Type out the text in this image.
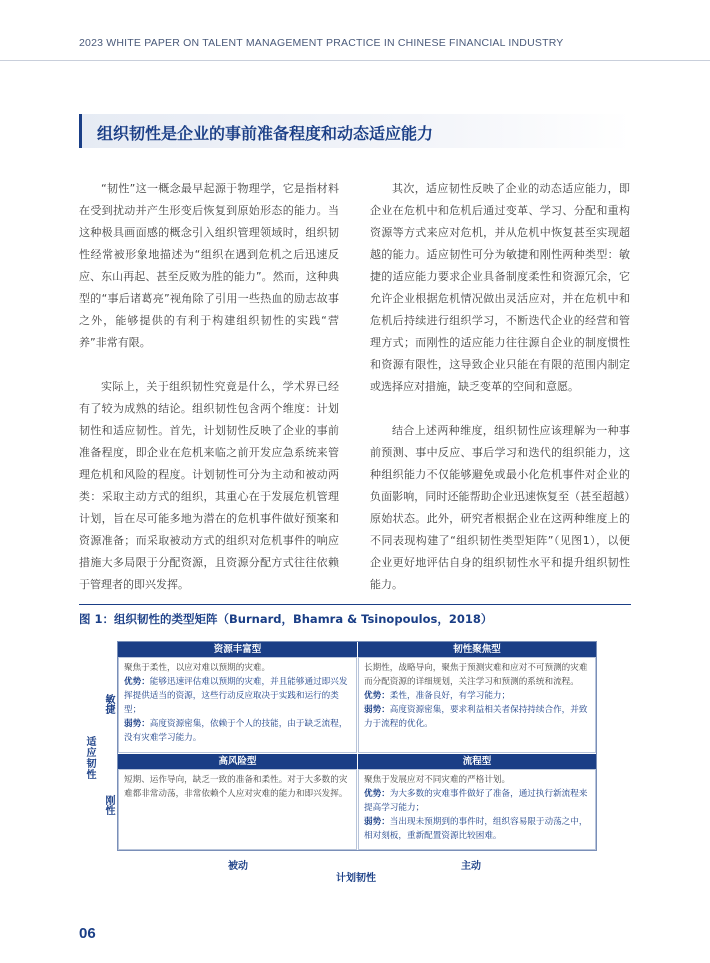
2023 WHITE PAPER ON TALENT MANAGEMENT PRACTICE IN CHINESE FINANCIAL INDUSTRY
组织韧性是企业的事前准备程度和动态适应能力

“韧性”这一概念最早起源于物理学，它是指材料在受到扰动并产生形变后恢复到原始形态的能力。当这种极具画面感的概念引入组织管理领域时，组织韧性经常被形象地描述为“组织在遇到危机之后迅速反应、东山再起、甚至反败为胜的能力”。然而，这种典型的“事后诸葛亮”视角除了引用一些热血的励志故事之外，能够提供的有利于构建组织韧性的实践“营养”非常有限。

实际上，关于组织韧性究竟是什么，学术界已经有了较为成熟的结论。组织韧性包含两个维度：计划韧性和适应韧性。首先，计划韧性反映了企业的事前准备程度，即企业在危机来临之前开发应急系统来管理危机和风险的程度。计划韧性可分为主动和被动两类：采取主动方式的组织，其重心在于发展危机管理计划，旨在尽可能多地为潜在的危机事件做好预案和资源准备；而采取被动方式的组织对危机事件的响应措施大多局限于分配资源，且资源分配方式往往依赖于管理者的即兴发挥。

其次，适应韧性反映了企业的动态适应能力，即企业在危机中和危机后通过变革、学习、分配和重构资源等方式来应对危机，并从危机中恢复甚至实现超越的能力。适应韧性可分为敏捷和刚性两种类型：敏捷的适应能力要求企业具备制度柔性和资源冗余，它允许企业根据危机情况做出灵活应对，并在危机中和危机后持续进行组织学习，不断迭代企业的经营和管理方式；而刚性的适应能力往往源自企业的制度惯性和资源有限性，这导致企业只能在有限的范围内制定或选择应对措施，缺乏变革的空间和意愿。

结合上述两种维度，组织韧性应该理解为一种事前预测、事中反应、事后学习和迭代的组织能力，这种组织能力不仅能够避免或最小化危机事件对企业的负面影响，同时还能帮助企业迅速恢复至（甚至超越）原始状态。此外，研究者根据企业在这两种维度上的不同表现构建了“组织韧性类型矩阵”（见图1），以便企业更好地评估自身的组织韧性水平和提升组织韧性能力。

图 1：组织韧性的类型矩阵（Burnard，Bhamra & Tsinopoulos，2018）
适应韧性
敏捷
刚性
资源丰富型
聚焦于柔性，以应对难以预期的灾难。
优势：能够迅速评估难以预期的灾难，并且能够通过即兴发挥提供适当的资源，这些行动反应取决于实践和运行的类型；
弱势：高度资源密集，依赖于个人的技能，由于缺乏流程，没有灾难学习能力。
韧性聚焦型
长期性，战略导向，聚焦于预测灾难和应对不可预测的灾难而分配资源的详细规划，关注学习和预测的系统和流程。
优势：柔性，准备良好，有学习能力；
弱势：高度资源密集，要求利益相关者保持持续合作，并致力于流程的优化。
高风险型
短期、运作导向，缺乏一致的准备和柔性。对于大多数的灾难都非常动荡，非常依赖个人应对灾难的能力和即兴发挥。
流程型
聚焦于发展应对不同灾难的严格计划。
优势：为大多数的灾难事件做好了准备，通过执行新流程来提高学习能力；
弱势：当出现未预期到的事件时，组织容易限于动荡之中，相对刻板，重新配置资源比较困难。
被动	主动
计划韧性
06
